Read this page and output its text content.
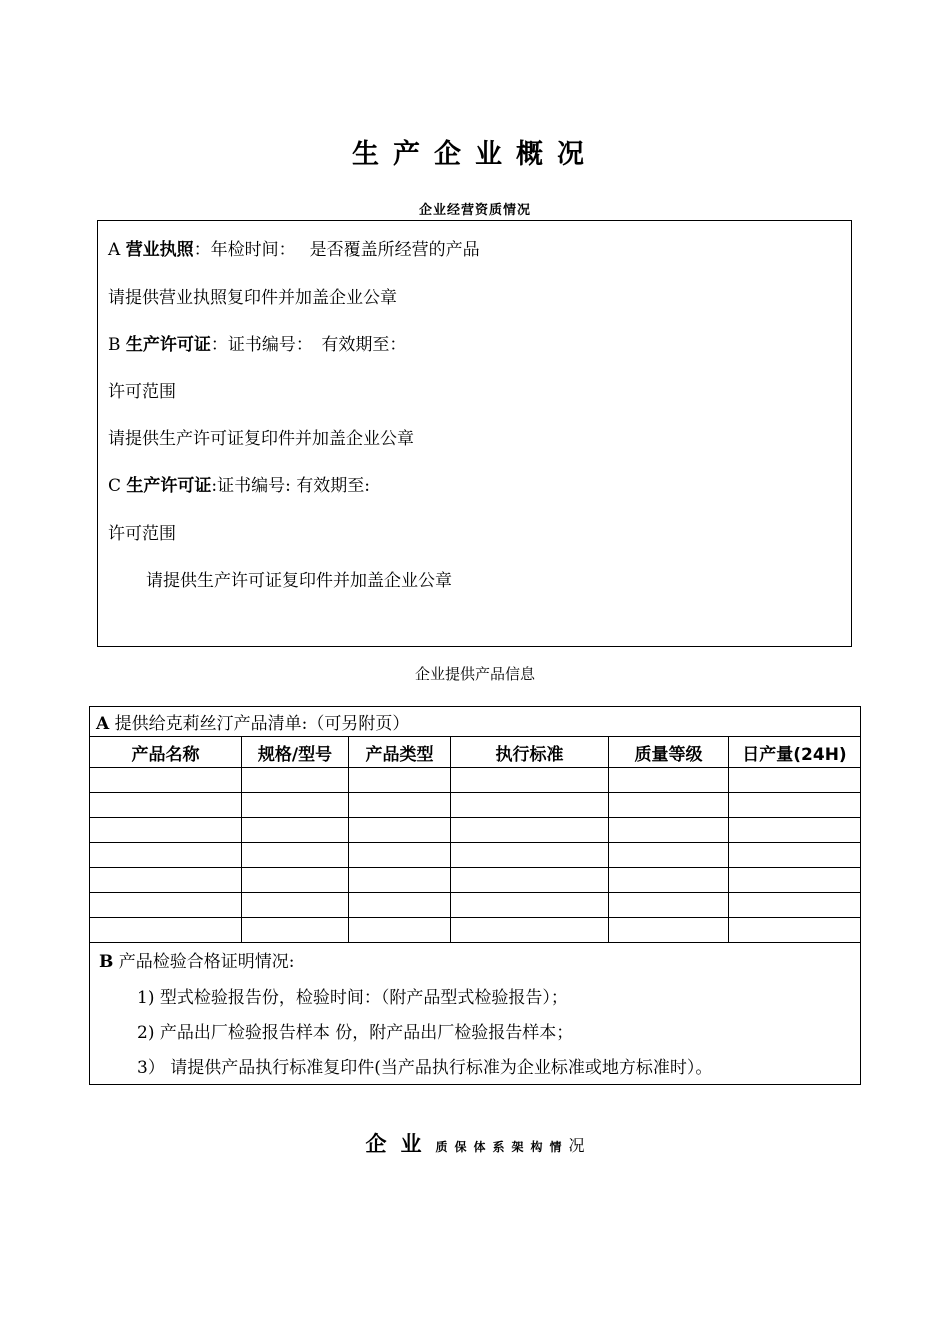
生产企业概况
企业经营资质情况
A 营业执照：年检时间：　 是否覆盖所经营的产品
请提供营业执照复印件并加盖企业公章
B 生产许可证：证书编号：　有效期至：
许可范围
请提供生产许可证复印件并加盖企业公章
C 生产许可证:证书编号: 有效期至:
许可范围
请提供生产许可证复印件并加盖企业公章
企业提供产品信息
A 提供给克莉丝汀产品清单:（可另附页）					
产品名称	规格/型号	产品类型	执行标准	质量等级	日产量(24H)

B 产品检验合格证明情况:
1) 型式检验报告份，检验时间：（附产品型式检验报告）；
2) 产品出厂检验报告样本 份，附产品出厂检验报告样本；
3） 请提供产品执行标准复印件(当产品执行标准为企业标准或地方标准时）。					
企业质保体系架构情况
